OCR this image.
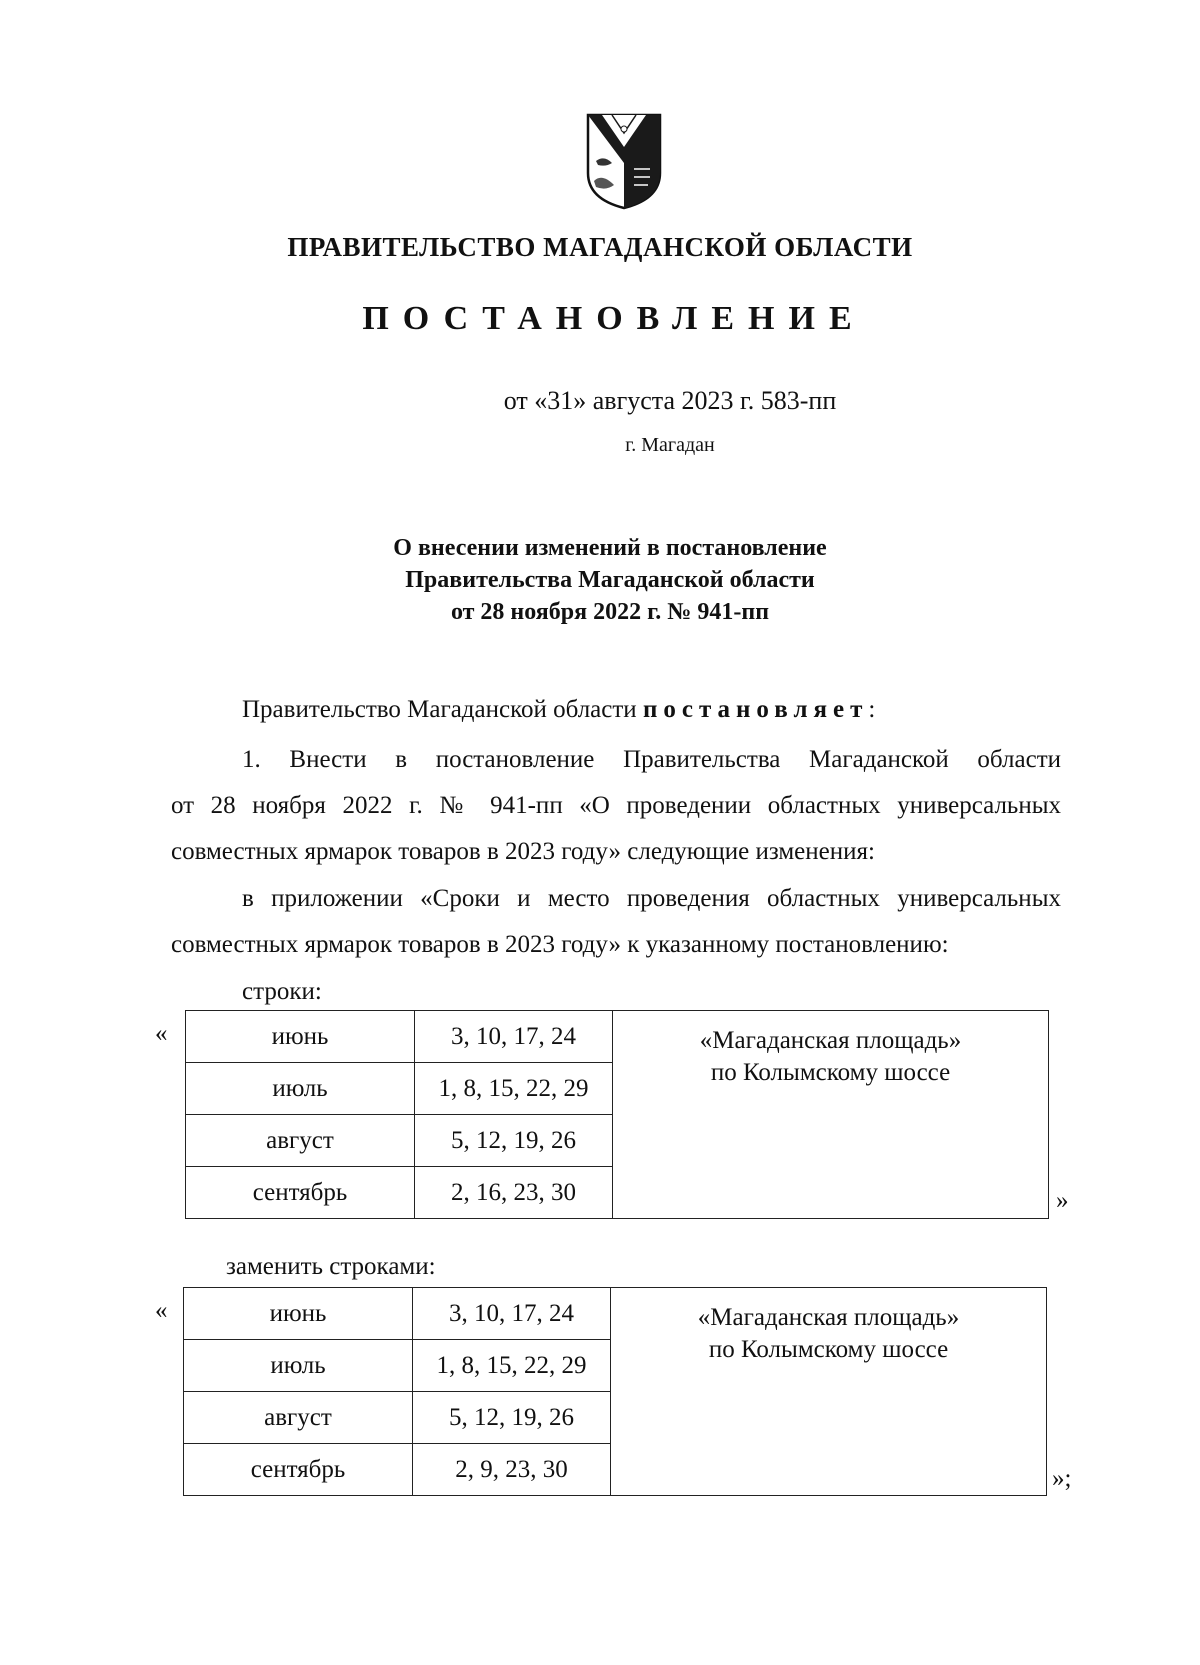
ПРАВИТЕЛЬСТВО МАГАДАНСКОЙ ОБЛАСТИ
ПОСТАНОВЛЕНИЕ
от «31» августа 2023 г. 583-пп
г. Магадан
О внесении изменений в постановление
Правительства Магаданской области
от 28 ноября 2022 г. № 941-пп
Правительство Магаданской области постановляет:
1. Внести в постановление Правительства Магаданской области
от 28 ноября 2022 г. № 941-пп «О проведении областных универсальных
совместных ярмарок товаров в 2023 году» следующие изменения:
в приложении «Сроки и место проведения областных универсальных
совместных ярмарок товаров в 2023 году» к указанному постановлению:
строки:
«
»
июнь	3, 10, 17, 24	«Магаданская площадь»
по Колымскому шоссе

июль	1, 8, 15, 22, 29	
август	5, 12, 19, 26	
сентябрь	2, 16, 23, 30	
заменить строками:
«
»;
июнь	3, 10, 17, 24	«Магаданская площадь»
по Колымскому шоссе

июль	1, 8, 15, 22, 29	
август	5, 12, 19, 26	
сентябрь	2, 9, 23, 30	
